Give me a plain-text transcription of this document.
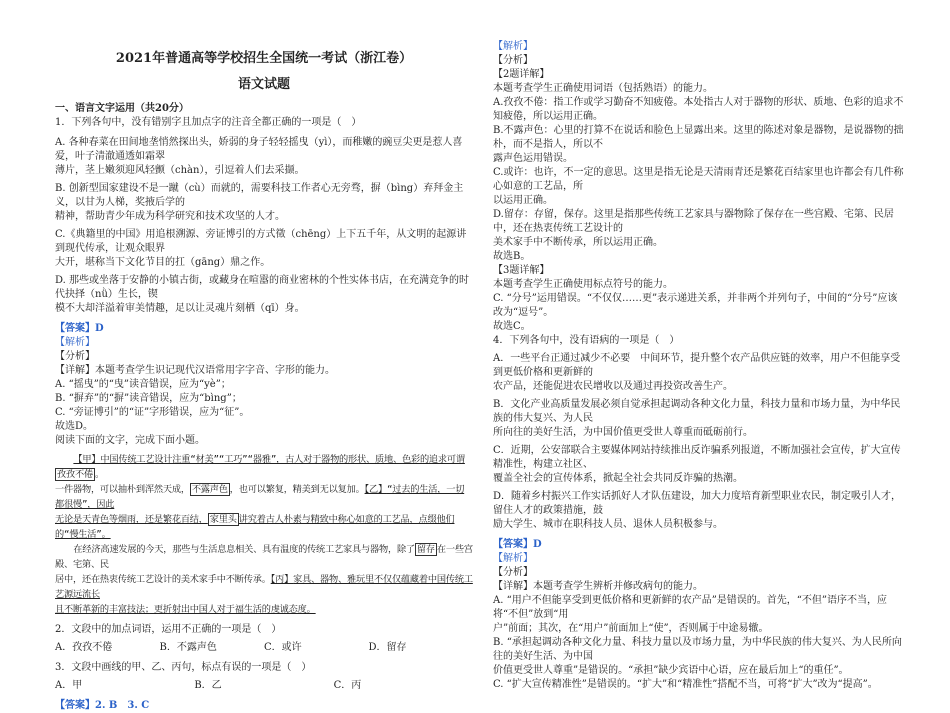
2021年普通高等学校招生全国统一考试（浙江卷）

语文试题

一、语言文字运用（共20分）

1．下列各句中，没有错别字且加点字的注音全都正确的一项是（　）

A. 各种春菜在田间地垄悄然探出头，娇弱的身子轻轻摇曳（yì），而稚嫩的豌豆尖更是惹人喜爱，叶子清澈通透如霜翠

薄片，茎上嫩须迎风轻颤（chàn），引逗着人们去采撷。

B. 创新型国家建设不是一蹴（cù）而就的，需要科技工作者心无旁骛，摒（bìng）弃拜金主义，以甘为人梯，奖掖后学的

精神，帮助青少年成为科学研究和技术攻坚的人才。

C.《典籍里的中国》用追根溯源、旁证博引的方式徵（chēng）上下五千年，从文明的起源讲到现代传承，让观众眼界

大开，堪称当下文化节目的扛（gāng）鼎之作。

D. 那些或坐落于安静的小镇古街，或藏身在喧嚣的商业密林的个性实体书店，在充满竞争的时代抉择（nǜ）生长，锲

模不大却洋溢着审美情趣，足以让灵魂片刻栖（qī）身。

【答案】D

【解析】

【分析】

【详解】本题考查学生识记现代汉语常用字字音、字形的能力。

A. “摇曳”的“曳”读音错误，应为“yè”；

B. “摒弃”的“摒”读音错误，应为“bìng”；

C. “旁证博引”的“证”字形错误，应为“征”。

故选D。

阅读下面的文字，完成下面小题。

【甲】中国传统工艺设计注重“材美”“工巧”“器雅”，古人对于器物的形状、质地、色彩的追求可谓孜孜不倦 。

一件器物，可以抽朴到浑然天成， 不露声色 ，也可以繁复，精美到无以复加。【乙】“过去的生活，一切都很慢”，因此

无论是天青色等烟雨，还是繁花百结， 家里头 讲究着古人朴素与精致中称心如意的工艺品，点缀他们的“慢生活”。

在经济高速发展的今天，那些与生活息息相关、具有温度的传统工艺家具与器物，除了 留存 在一些宫殿、宅第、民

居中，还在热衷传统工艺设计的美术家手中不断传承。【丙】家具、器物、雅玩里不仅仅蕴藏着中国传统工艺源远流长

且不断革新的丰富技法；更折射出中国人对于福生活的虔诚态度。

2．文段中的加点词语，运用不正确的一项是（　）

A．孜孜不倦	B．不露声色	C．或许	D．留存

3．文段中画线的甲、乙、丙句，标点有误的一项是（　）

A．甲	B．乙	C．丙

【答案】2. B　3. C

【解析】

【分析】

【2题详解】

本题考查学生正确使用词语（包括熟语）的能力。

A.孜孜不倦：指工作或学习勤奋不知疲倦。本处指古人对于器物的形状、质地、色彩的追求不知疲倦，所以运用正确。

B.不露声色：心里的打算不在说话和脸色上显露出来。这里的陈述对象是器物，是说器物的拙朴，而不是指人，所以不

露声色运用错误。

C.或许：也许，不一定的意思。这里是指无论是天清雨青还是繁花百结家里也许都会有几件称心如意的工艺品，所

以运用正确。

D.留存：存留，保存。这里是指那些传统工艺家具与器物除了保存在一些宫殿、宅第、民居中，还在热衷传统工艺设计的

美术家手中不断传承，所以运用正确。

故选B。

【3题详解】

本题考查学生正确使用标点符号的能力。

C. “分号”运用错误。“不仅仅……更”表示递进关系，并非两个并列句子，中间的“分号”应该改为“逗号”。

故选C。

4．下列各句中，没有语病的一项是（　）

A．一些平台正通过减少不必要　中间环节，提升整个农产品供应链的效率，用户不但能享受到更低价格和更新鲜的

农产品，还能促进农民增收以及通过再投资改善生产。

B．文化产业高质量发展必须自觉承担起调动各种文化力量，科技力量和市场力量，为中华民族的伟大复兴、为人民

所向往的美好生活，为中国价值更受世人尊重而砥砺前行。

C．近期，公安部联合主要媒体网站持续推出反诈骗系列报道，不断加强社会宣传，扩大宣传精准性，构建立社区、

覆盖全社会的宣传体系，掀起全社会共同反诈骗的热潮。

D．随着乡村振兴工作实话抓好人才队伍建设，加大力度培育新型职业农民，制定吸引人才，留住人才的政策措施，鼓

励大学生、城市在职科技人员、退休人员积极参与。

【答案】D

【解析】

【分析】

【详解】本题考查学生辨析并修改病句的能力。

A. “用户不但能享受到更低价格和更新鲜的农产品”是错误的。首先，“不但”语序不当，应将“不但”放到“用

户”前面；其次，在“用户”前面加上“使”，否则属于中途易辙。

B. “承担起调动各种文化力量、科技力量以及市场力量，为中华民族的伟大复兴、为人民所向往的美好生活、为中国

价值更受世人尊重”是错误的。“承担”缺少宾语中心语，应在最后加上“的重任”。

C. “扩大宣传精准性”是错误的。“扩大”和“精准性”搭配不当，可将“扩大”改为“提高”。
